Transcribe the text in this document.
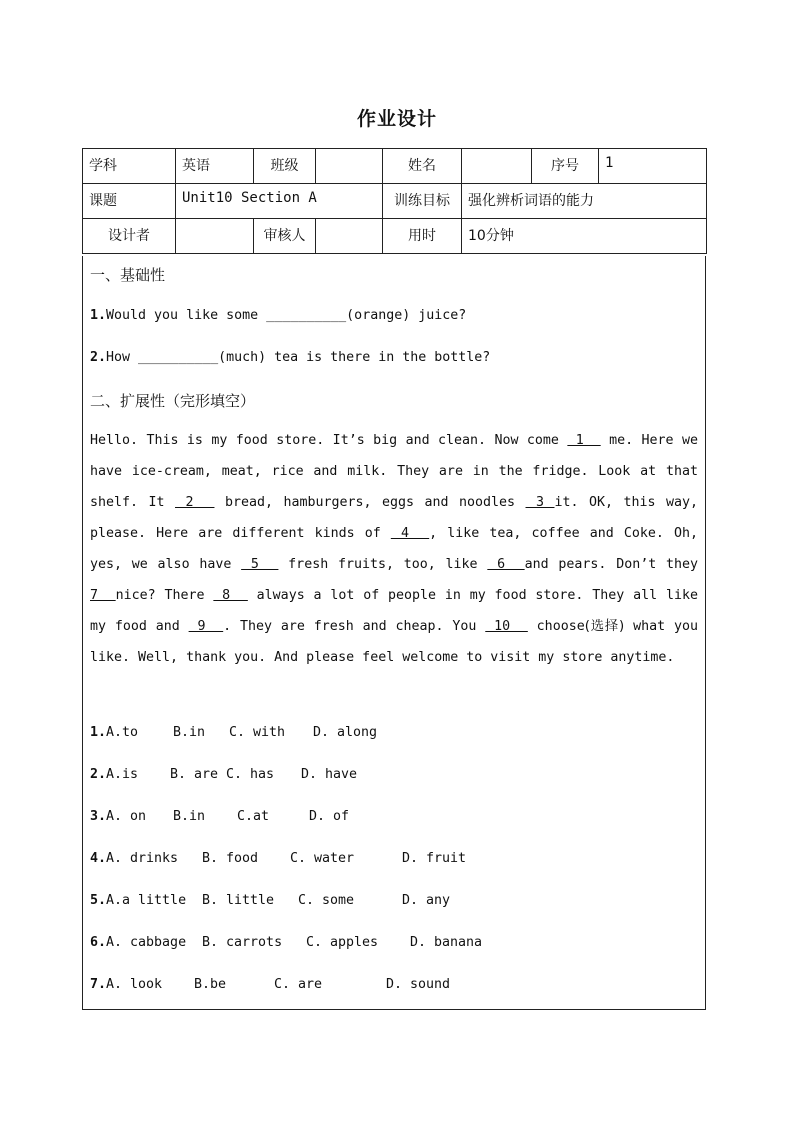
作业设计
学科	英语	班级		姓名		序号	1
课题	Unit10 Section A			训练目标	强化辨析词语的能力		
设计者		审核人		用时	10分钟		
一、基础性
1.Would you like some __________(orange) juice?
2.How __________(much) tea is there in the bottle?
二、扩展性（完形填空）
Hello. This is my food store. It’s big and clean. Now come  1   me. Here we have ice-cream, meat, rice and milk. They are in the fridge. Look at that shelf. It  2   bread, hamburgers, eggs and noodles  3 it. OK, this way, please. Here are different kinds of  4  , like tea, coffee and Coke. Oh, yes, we also have  5   fresh fruits, too, like  6  and pears. Don’t they 7  nice? There  8   always a lot of people in my food store. They all like my food and  9  . They are fresh and cheap. You  10   choose(选择) what you like. Well, thank you. And please feel welcome to visit my store anytime.
1.A.to	B.in C. with D. along
2.A.is B. are C. has D. have
3.A. on B.in C.at	D. of
4.A. drinks B. food C. water	D. fruit
5.A.a little B. little C. some	D. any
6.A. cabbage B. carrots C. apples D. banana
7.A. look B.be	C. are	D. sound
